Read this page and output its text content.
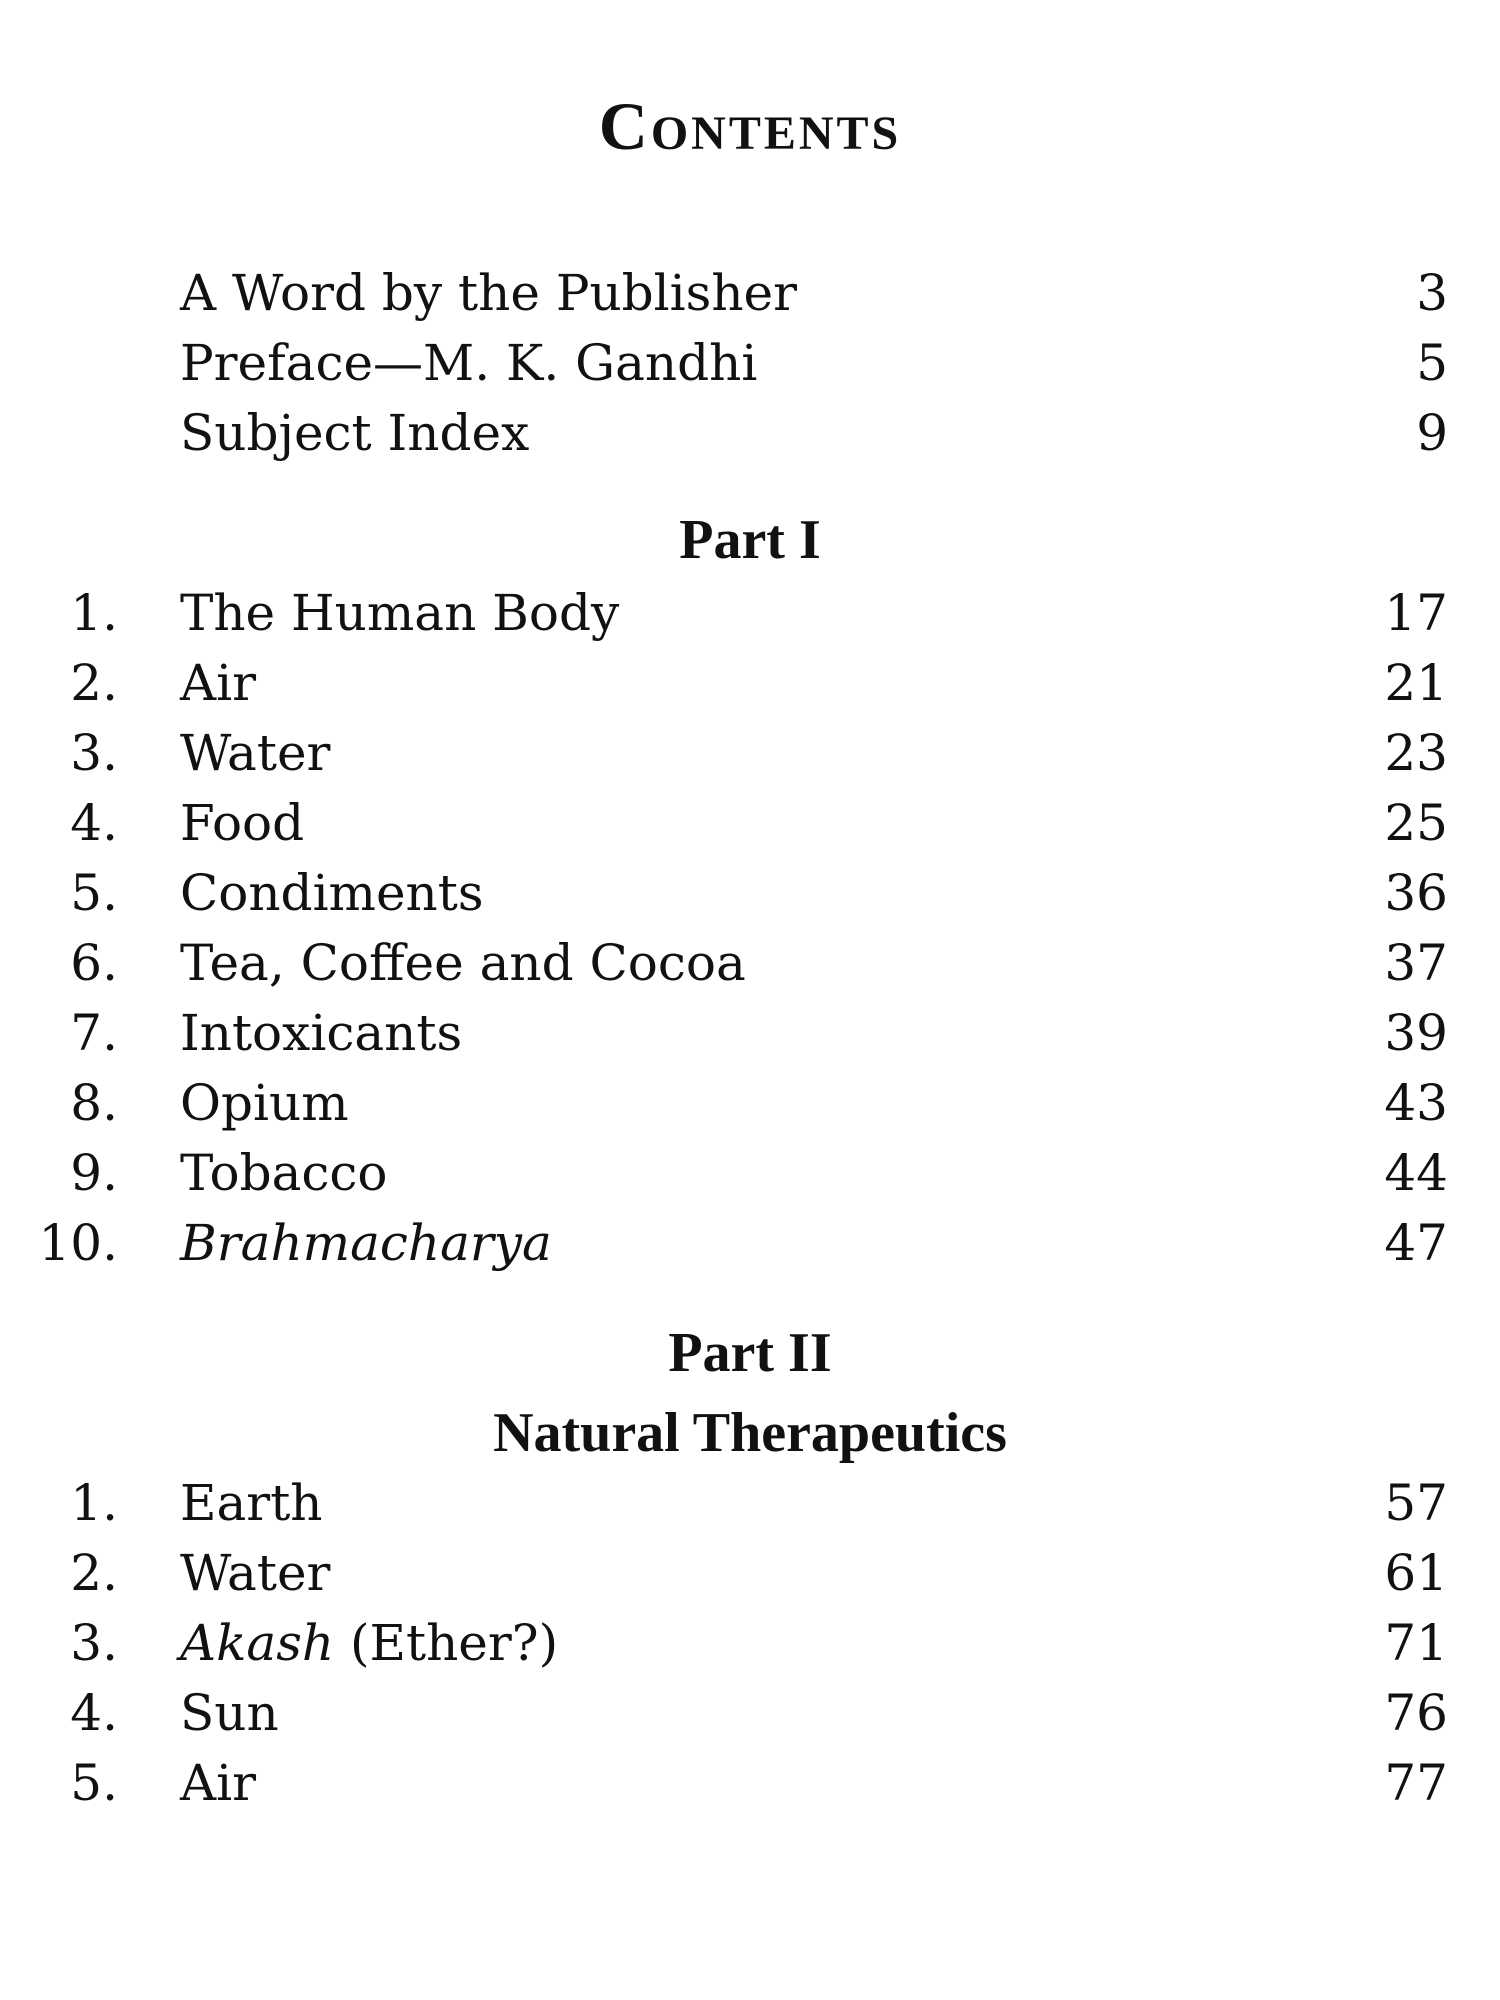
Contents
A Word by the Publisher	3
Preface—M. K. Gandhi	5
Subject Index	9
Part I
1. The Human Body	17
2. Air	21
3. Water	23
4. Food	25
5. Condiments	36
6. Tea, Coffee and Cocoa	37
7. Intoxicants	39
8. Opium	43
9. Tobacco	44
10. Brahmacharya	47
Part II
Natural Therapeutics
1. Earth	57
2. Water	61
3. Akash (Ether?)	71
4. Sun	76
5. Air	77
